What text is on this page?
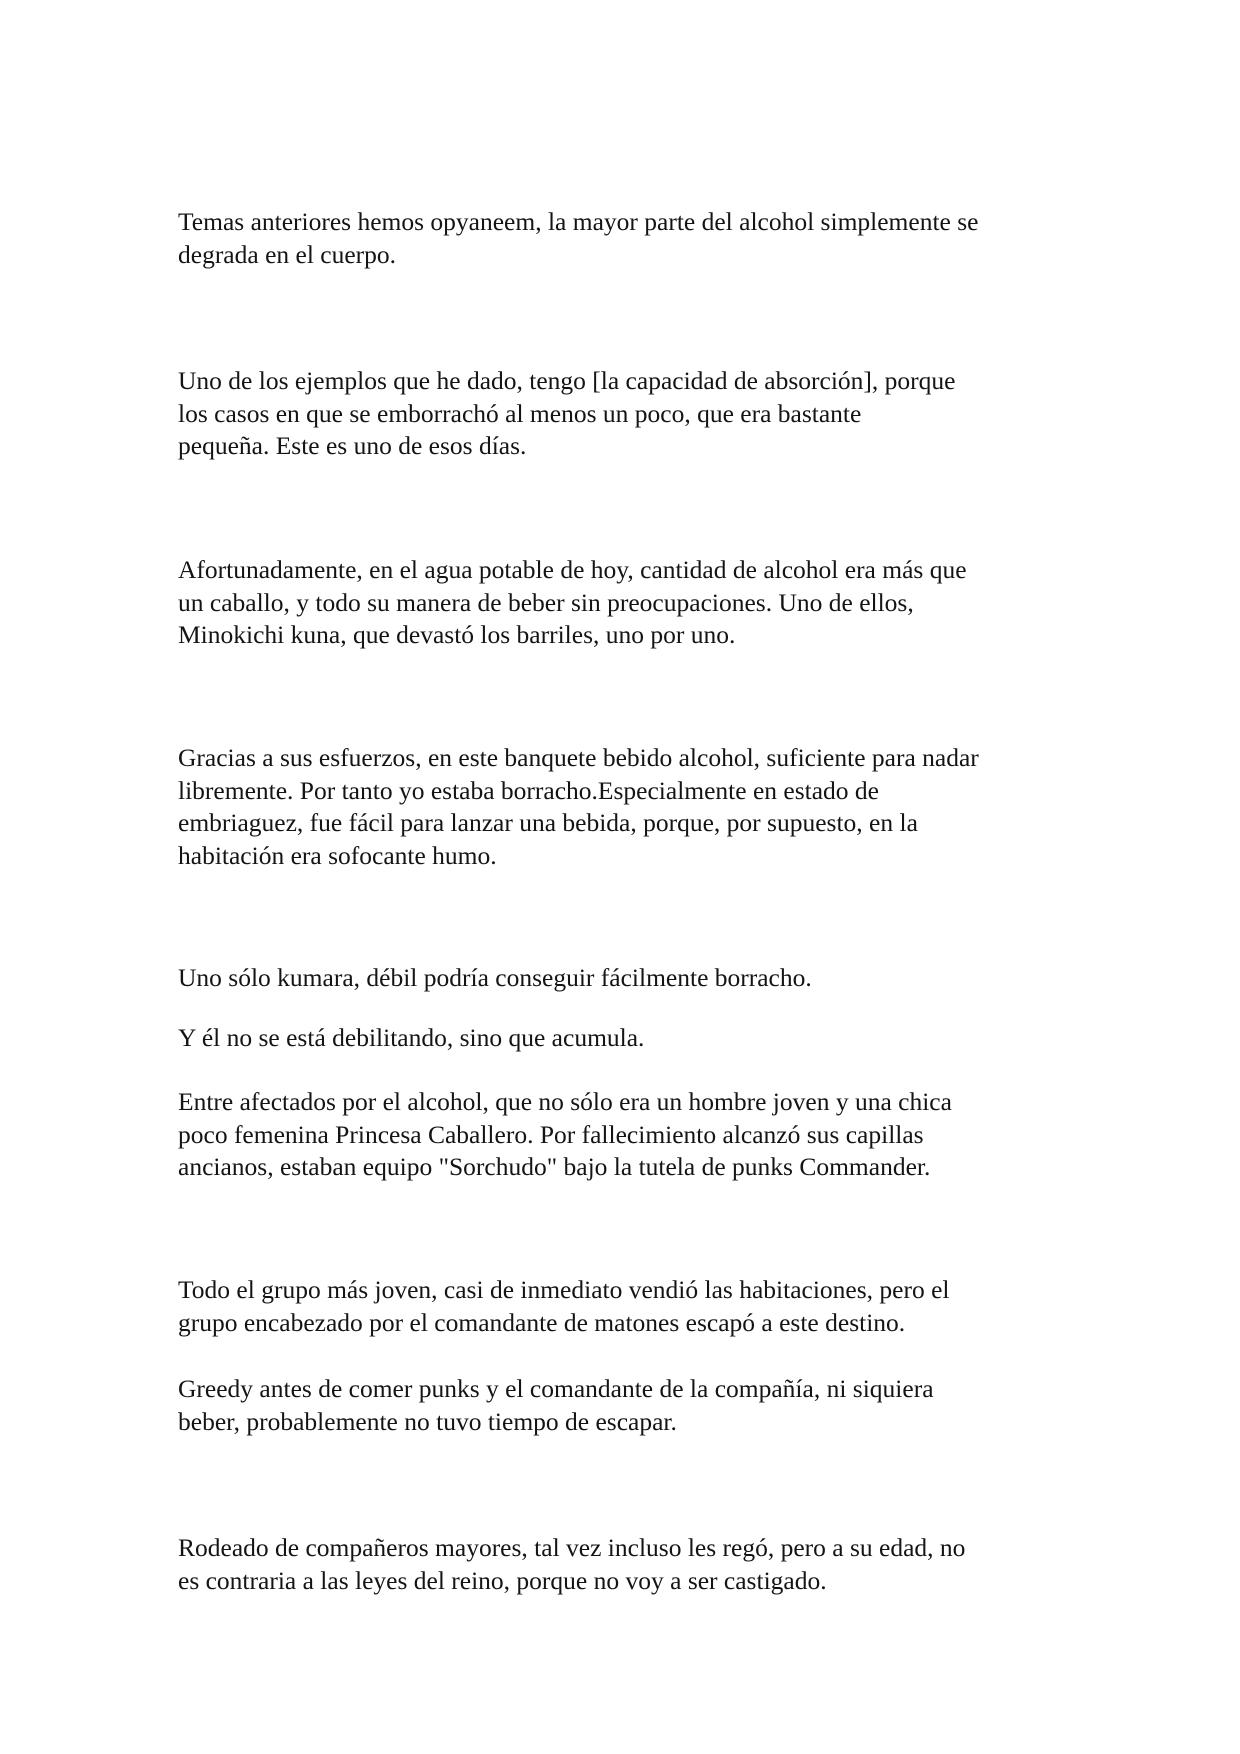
Temas anteriores hemos opyaneem, la mayor parte del alcohol simplemente se
degrada en el cuerpo.

Uno de los ejemplos que he dado, tengo [la capacidad de absorción], porque
los casos en que se emborrachó al menos un poco, que era bastante
pequeña. Este es uno de esos días.

Afortunadamente, en el agua potable de hoy, cantidad de alcohol era más que
un caballo, y todo su manera de beber sin preocupaciones. Uno de ellos,
Minokichi kuna, que devastó los barriles, uno por uno.

Gracias a sus esfuerzos, en este banquete bebido alcohol, suficiente para nadar
libremente. Por tanto yo estaba borracho.Especialmente en estado de
embriaguez, fue fácil para lanzar una bebida, porque, por supuesto, en la
habitación era sofocante humo.

Uno sólo kumara, débil podría conseguir fácilmente borracho.

Y él no se está debilitando, sino que acumula.

Entre afectados por el alcohol, que no sólo era un hombre joven y una chica
poco femenina Princesa Caballero. Por fallecimiento alcanzó sus capillas
ancianos, estaban equipo "Sorchudo" bajo la tutela de punks Commander.

Todo el grupo más joven, casi de inmediato vendió las habitaciones, pero el
grupo encabezado por el comandante de matones escapó a este destino.

Greedy antes de comer punks y el comandante de la compañía, ni siquiera
beber, probablemente no tuvo tiempo de escapar.

Rodeado de compañeros mayores, tal vez incluso les regó, pero a su edad, no
es contraria a las leyes del reino, porque no voy a ser castigado.
